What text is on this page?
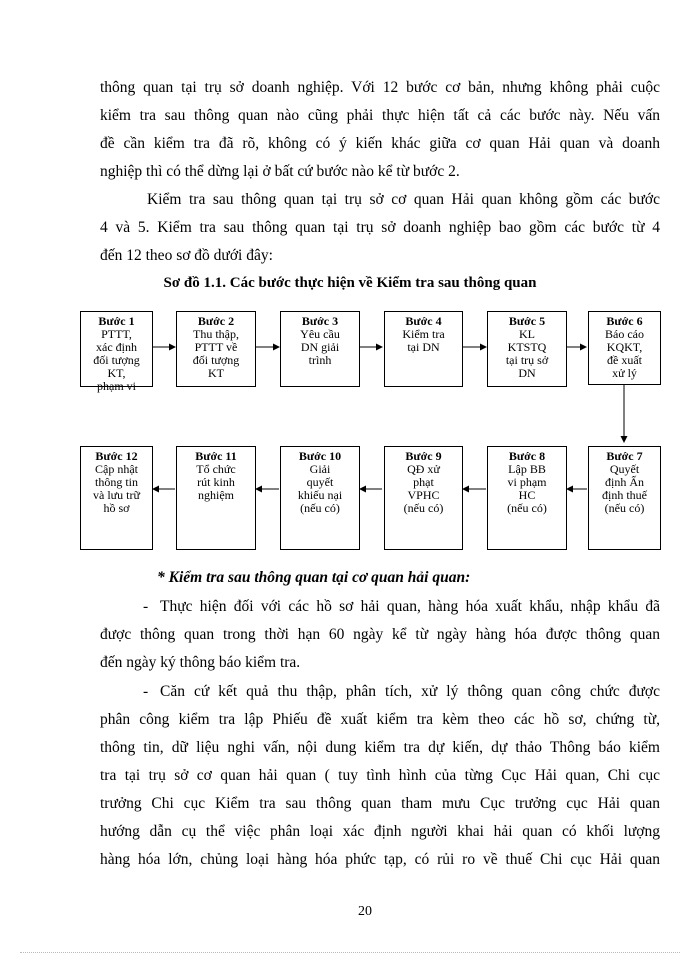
thông quan tại trụ sở doanh nghiệp. Với 12 bước cơ bản, nhưng không phải cuộc
kiểm tra sau thông quan nào cũng phải thực hiện tất cả các bước này. Nếu vấn
đề cần kiểm tra đã rõ, không có ý kiến khác giữa cơ quan Hải quan và doanh
nghiệp thì có thể dừng lại ở bất cứ bước nào kể từ bước 2.
Kiểm tra sau thông quan tại trụ sở cơ quan Hải quan không gồm các bước
4 và 5. Kiểm tra sau thông quan tại trụ sở doanh nghiệp bao gồm các bước từ 4
đến 12 theo sơ đồ dưới đây:
Sơ đồ 1.1. Các bước thực hiện về Kiểm tra sau thông quan
Bước 1
PTTT,
xác định
đối tượng
KT,
phạm vi
Bước 2
Thu thập,
PTTT về
đối tượng
KT
Bước 3
Yêu cầu
DN giải
trình
Bước 4
Kiểm tra
tại DN
Bước 5
KL
KTSTQ
tại trụ sở
DN
Bước 6
Báo cáo
KQKT,
đề xuất
xử lý
Bước 12
Cập nhật
thông tin
và lưu trữ
hồ sơ
Bước 11
Tổ chức
rút kinh
nghiệm
Bước 10
Giải
quyết
khiếu nại
(nếu có)
Bước 9
QĐ xử
phạt
VPHC
(nếu có)
Bước 8
Lập BB
vi phạm
HC
(nếu có)
Bước 7
Quyết
định Ấn
định thuế
(nếu có)
* Kiểm tra sau thông quan tại cơ quan hải quan:
- Thực hiện đối với các hồ sơ hải quan, hàng hóa xuất khẩu, nhập khẩu đã
được thông quan trong thời hạn 60 ngày kể từ ngày hàng hóa được thông quan
đến ngày ký thông báo kiểm tra.
- Căn cứ kết quả thu thập, phân tích, xử lý thông quan công chức được
phân công kiểm tra lập Phiếu đề xuất kiểm tra kèm theo các hồ sơ, chứng từ,
thông tin, dữ liệu nghi vấn, nội dung kiểm tra dự kiến, dự thảo Thông báo kiểm
tra tại trụ sở cơ quan hải quan ( tuy tình hình của từng Cục Hải quan, Chi cục
trưởng Chi cục Kiểm tra sau thông quan tham mưu Cục trưởng cục Hải quan
hướng dẫn cụ thể việc phân loại xác định người khai hải quan có khối lượng
hàng hóa lớn, chủng loại hàng hóa phức tạp, có rủi ro về thuế Chi cục Hải quan
20
